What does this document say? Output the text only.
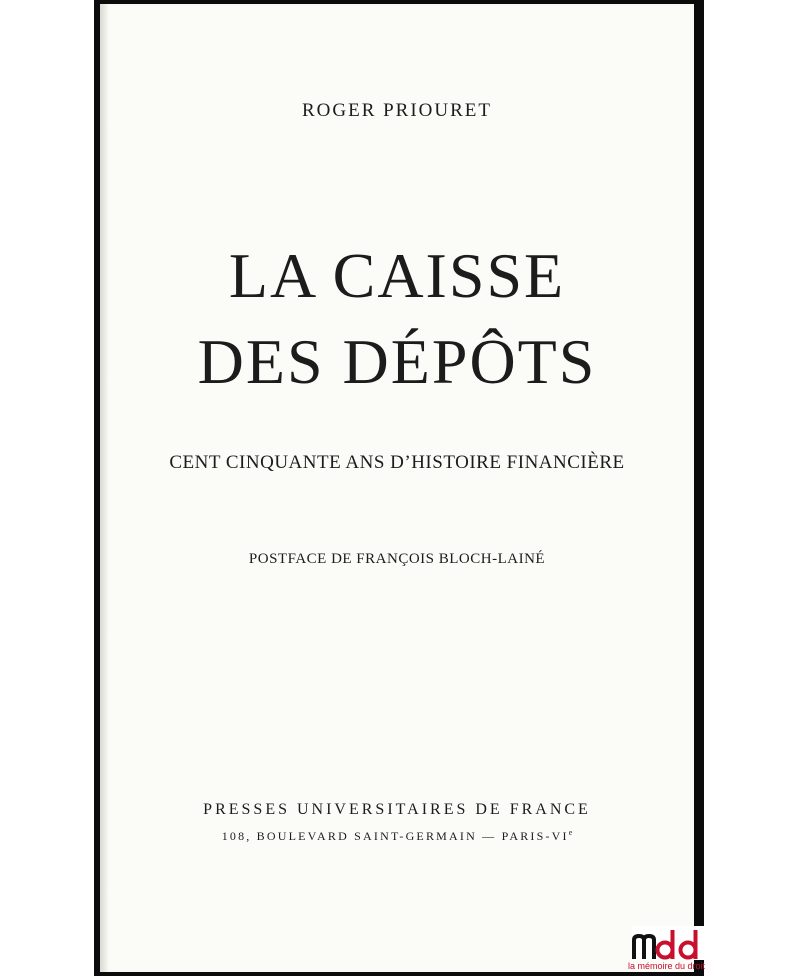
ROGER PRIOURET
LA CAISSE
DES DÉPÔTS
CENT CINQUANTE ANS D’HISTOIRE FINANCIÈRE
POSTFACE DE FRANÇOIS BLOCH-LAINÉ
PRESSES UNIVERSITAIRES DE FRANCE
108, BOULEVARD SAINT-GERMAIN — PARIS-VIe
la mémoire du droit
